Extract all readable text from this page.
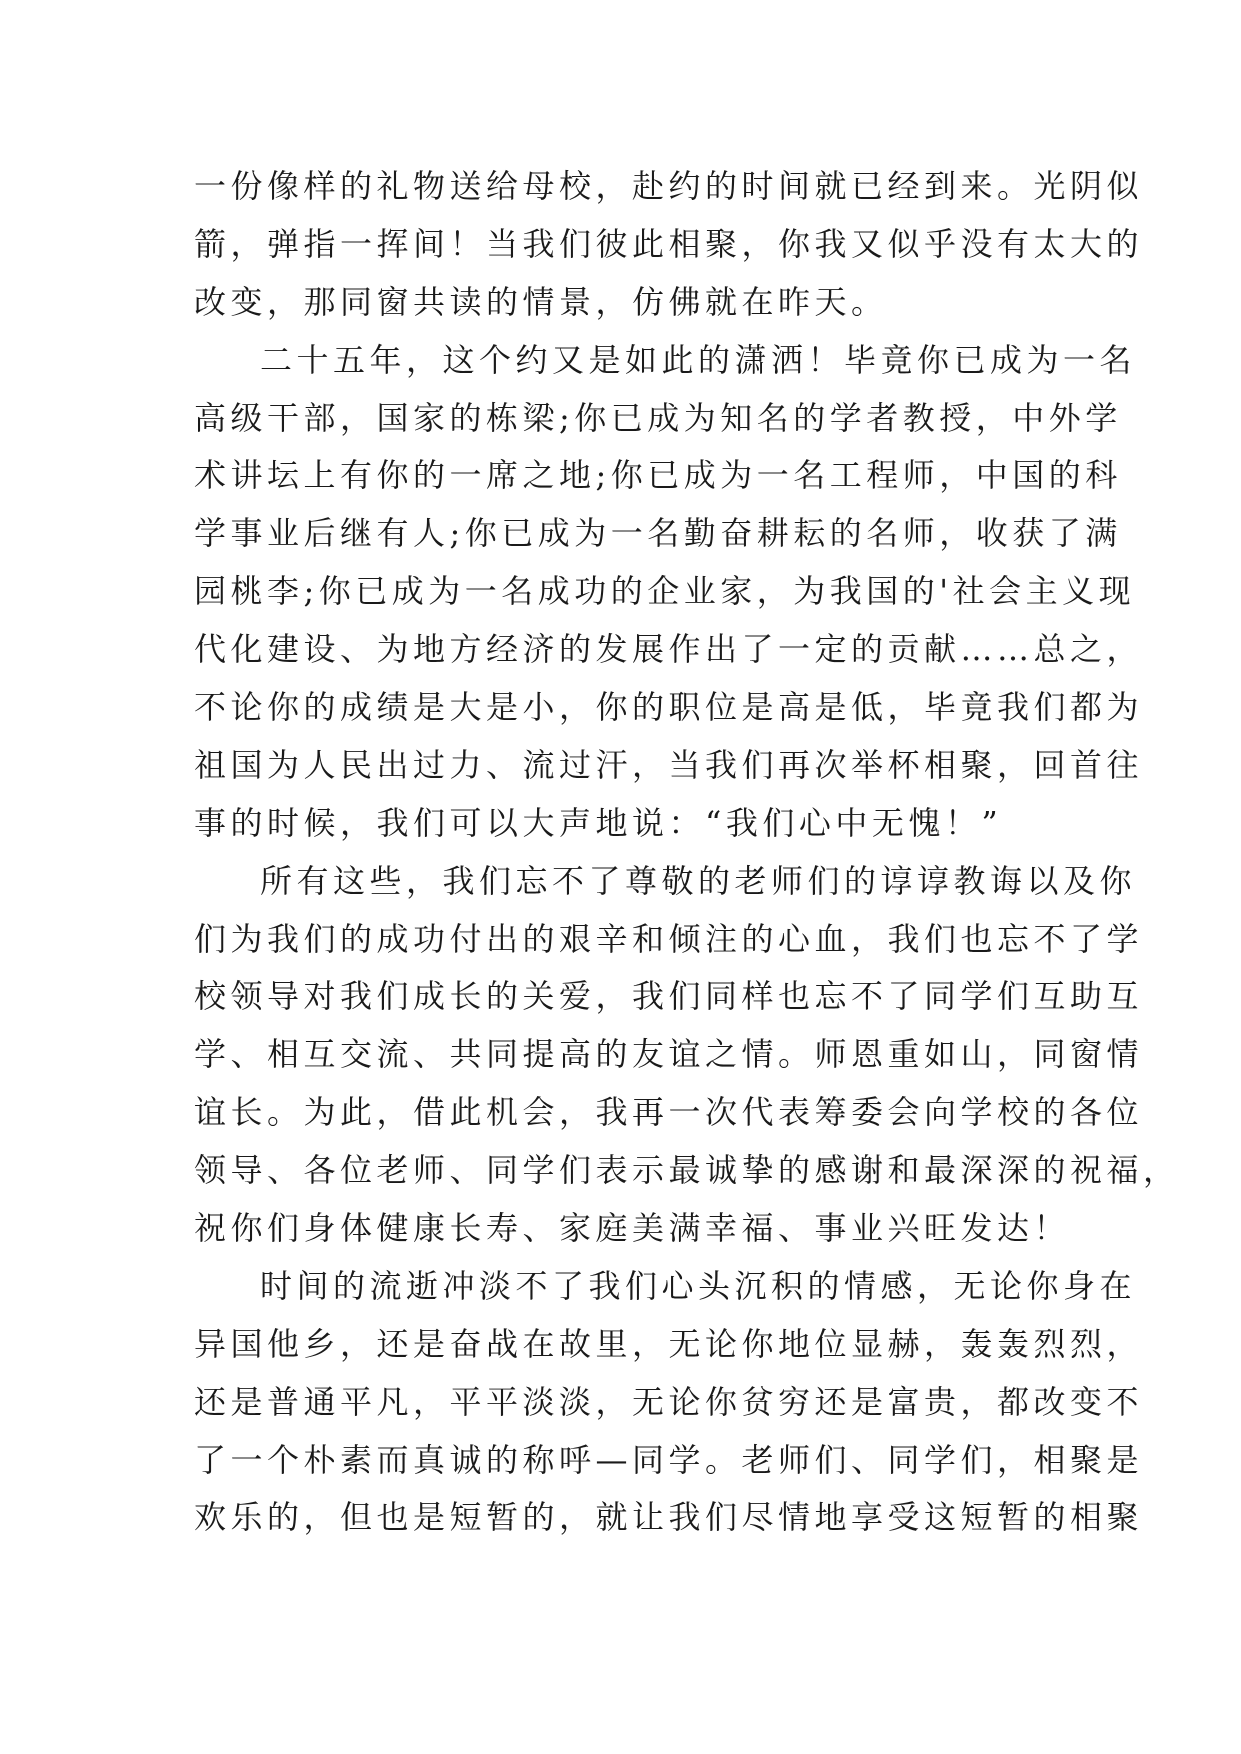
一份像样的礼物送给母校，赴约的时间就已经到来。光阴似
箭，弹指一挥间！当我们彼此相聚，你我又似乎没有太大的
改变，那同窗共读的情景，仿佛就在昨天。
二十五年，这个约又是如此的潇洒！毕竟你已成为一名
高级干部，国家的栋梁;你已成为知名的学者教授，中外学
术讲坛上有你的一席之地;你已成为一名工程师，中国的科
学事业后继有人;你已成为一名勤奋耕耘的名师，收获了满
园桃李;你已成为一名成功的企业家，为我国的'社会主义现
代化建设、为地方经济的发展作出了一定的贡献……总之，
不论你的成绩是大是小，你的职位是高是低，毕竟我们都为
祖国为人民出过力、流过汗，当我们再次举杯相聚，回首往
事的时候，我们可以大声地说：“我们心中无愧！”
所有这些，我们忘不了尊敬的老师们的谆谆教诲以及你
们为我们的成功付出的艰辛和倾注的心血，我们也忘不了学
校领导对我们成长的关爱，我们同样也忘不了同学们互助互
学、相互交流、共同提高的友谊之情。师恩重如山，同窗情
谊长。为此，借此机会，我再一次代表筹委会向学校的各位
领导、各位老师、同学们表示最诚挚的感谢和最深深的祝福，
祝你们身体健康长寿、家庭美满幸福、事业兴旺发达！
时间的流逝冲淡不了我们心头沉积的情感，无论你身在
异国他乡，还是奋战在故里，无论你地位显赫，轰轰烈烈，
还是普通平凡，平平淡淡，无论你贫穷还是富贵，都改变不
了一个朴素而真诚的称呼—同学。老师们、同学们，相聚是
欢乐的，但也是短暂的，就让我们尽情地享受这短暂的相聚
